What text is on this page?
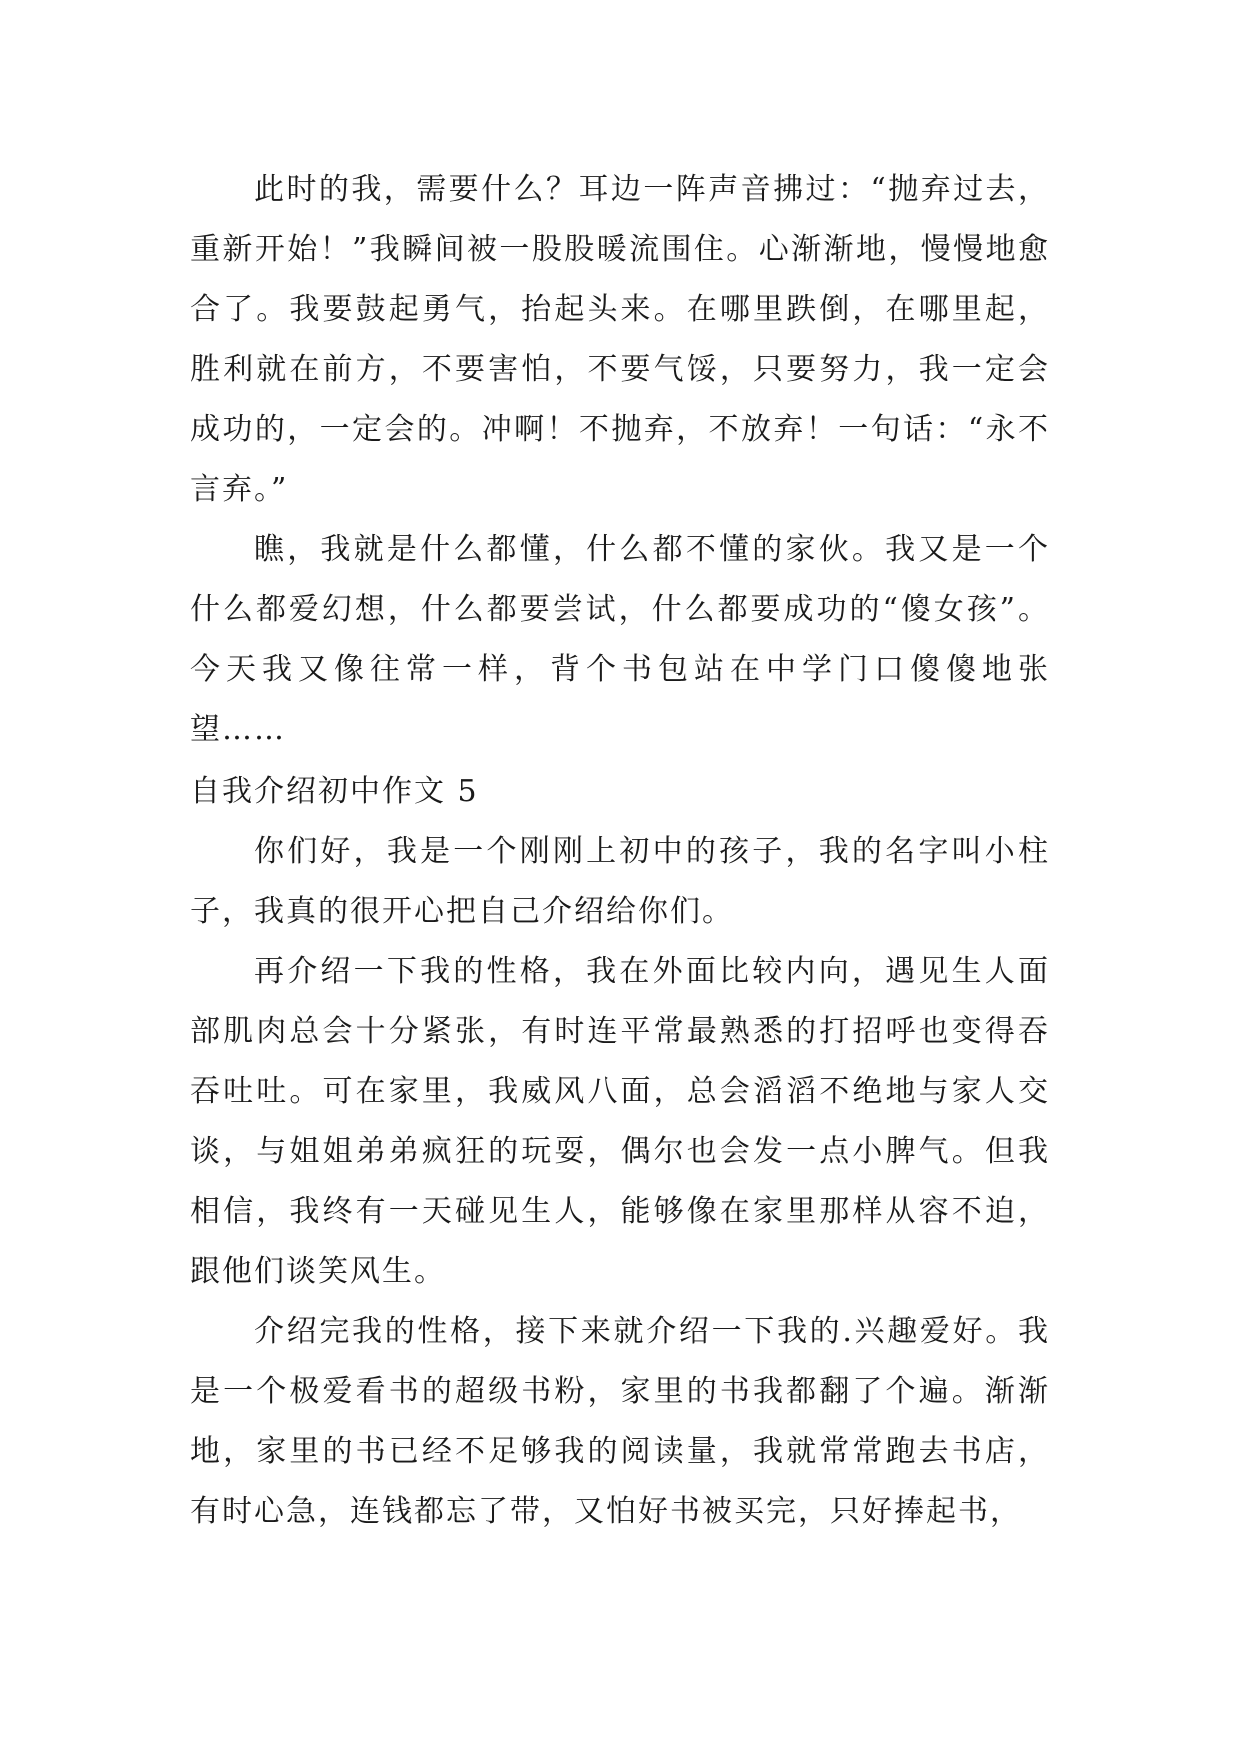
此时的我，需要什么？耳边一阵声音拂过：“抛弃过去，重新开始！”我瞬间被一股股暖流围住。心渐渐地，慢慢地愈合了。我要鼓起勇气，抬起头来。在哪里跌倒，在哪里起，胜利就在前方，不要害怕，不要气馁，只要努力，我一定会成功的，一定会的。冲啊！不抛弃，不放弃！一句话：“永不言弃。”

瞧，我就是什么都懂，什么都不懂的家伙。我又是一个什么都爱幻想，什么都要尝试，什么都要成功的“傻女孩”。今天我又像往常一样，背个书包站在中学门口傻傻地张望……

自我介绍初中作文 5

你们好，我是一个刚刚上初中的孩子，我的名字叫小柱子，我真的很开心把自己介绍给你们。

再介绍一下我的性格，我在外面比较内向，遇见生人面部肌肉总会十分紧张，有时连平常最熟悉的打招呼也变得吞吞吐吐。可在家里，我威风八面，总会滔滔不绝地与家人交谈，与姐姐弟弟疯狂的玩耍，偶尔也会发一点小脾气。但我相信，我终有一天碰见生人，能够像在家里那样从容不迫，跟他们谈笑风生。

介绍完我的性格，接下来就介绍一下我的.兴趣爱好。我是一个极爱看书的超级书粉，家里的书我都翻了个遍。渐渐地，家里的书已经不足够我的阅读量，我就常常跑去书店，有时心急，连钱都忘了带，又怕好书被买完，只好捧起书，
